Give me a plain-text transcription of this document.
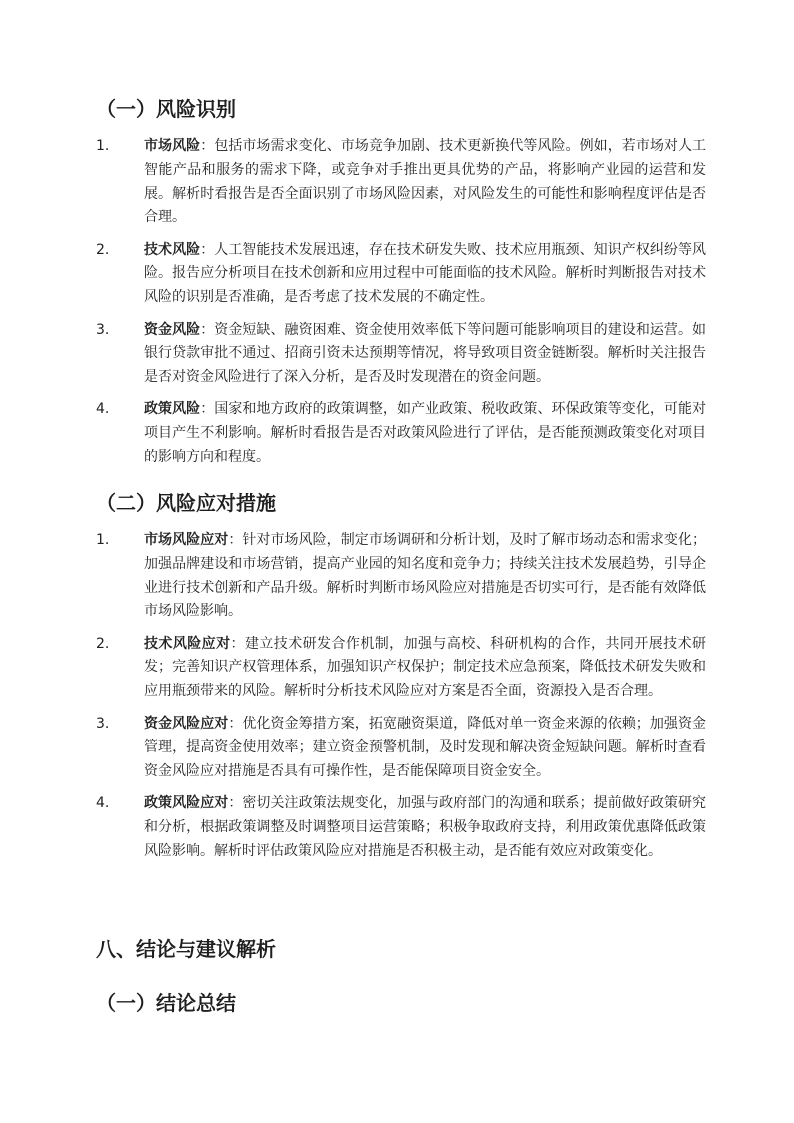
（一）风险识别
1. 市场风险：包括市场需求变化、市场竞争加剧、技术更新换代等风险。例如，若市场对人工智能产品和服务的需求下降，或竞争对手推出更具优势的产品，将影响产业园的运营和发展。解析时看报告是否全面识别了市场风险因素，对风险发生的可能性和影响程度评估是否合理。
2. 技术风险：人工智能技术发展迅速，存在技术研发失败、技术应用瓶颈、知识产权纠纷等风险。报告应分析项目在技术创新和应用过程中可能面临的技术风险。解析时判断报告对技术风险的识别是否准确，是否考虑了技术发展的不确定性。
3. 资金风险：资金短缺、融资困难、资金使用效率低下等问题可能影响项目的建设和运营。如银行贷款审批不通过、招商引资未达预期等情况，将导致项目资金链断裂。解析时关注报告是否对资金风险进行了深入分析，是否及时发现潜在的资金问题。
4. 政策风险：国家和地方政府的政策调整，如产业政策、税收政策、环保政策等变化，可能对项目产生不利影响。解析时看报告是否对政策风险进行了评估，是否能预测政策变化对项目的影响方向和程度。
（二）风险应对措施
1. 市场风险应对：针对市场风险，制定市场调研和分析计划，及时了解市场动态和需求变化；加强品牌建设和市场营销，提高产业园的知名度和竞争力；持续关注技术发展趋势，引导企业进行技术创新和产品升级。解析时判断市场风险应对措施是否切实可行，是否能有效降低市场风险影响。
2. 技术风险应对：建立技术研发合作机制，加强与高校、科研机构的合作，共同开展技术研发；完善知识产权管理体系，加强知识产权保护；制定技术应急预案，降低技术研发失败和应用瓶颈带来的风险。解析时分析技术风险应对方案是否全面，资源投入是否合理。
3. 资金风险应对：优化资金筹措方案，拓宽融资渠道，降低对单一资金来源的依赖；加强资金管理，提高资金使用效率；建立资金预警机制，及时发现和解决资金短缺问题。解析时查看资金风险应对措施是否具有可操作性，是否能保障项目资金安全。
4. 政策风险应对：密切关注政策法规变化，加强与政府部门的沟通和联系；提前做好政策研究和分析，根据政策调整及时调整项目运营策略；积极争取政府支持，利用政策优惠降低政策风险影响。解析时评估政策风险应对措施是否积极主动，是否能有效应对政策变化。
八、结论与建议解析
（一）结论总结
